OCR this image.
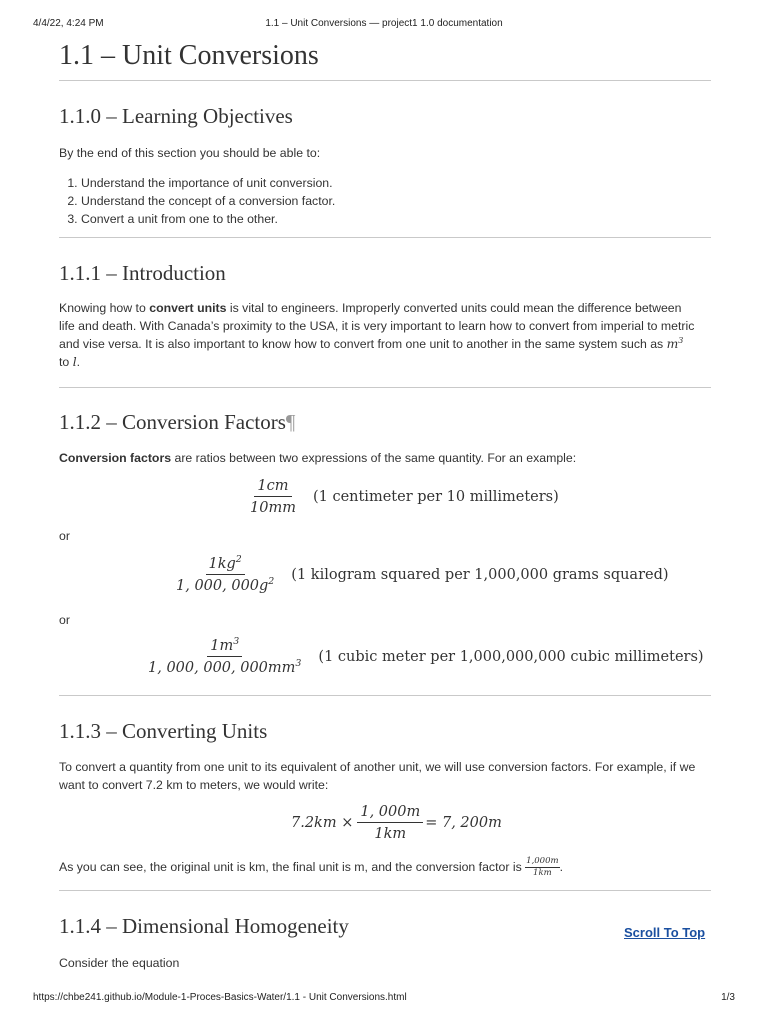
4/4/22, 4:24 PM	1.1 – Unit Conversions — project1 1.0 documentation
1.1 – Unit Conversions
1.1.0 – Learning Objectives

By the end of this section you should be able to:

1. Understand the importance of unit conversion.
2. Understand the concept of a conversion factor.
3. Convert a unit from one to the other.
1.1.1 – Introduction

Knowing how to convert units is vital to engineers. Improperly converted units could mean the difference between
life and death. With Canada’s proximity to the USA, it is very important to learn how to convert from imperial to metric
and vise versa. It is also important to know how to convert from one unit to another in the same system such as $m^3$
to l.

1.1.2 – Conversion Factors¶

Conversion factors are ratios between two expressions of the same quantity. For an example:

$\frac{1cm}{10mm} (1$ centimeter per 10 millimeters)

or

$\frac{1kg^2}{1, 000, 000g^2} (1$ kilogram squared per 1,000,000 grams squared)

or

$\frac{1m^3}{1, 000, 000, 000mm^3} (1$ cubic meter per 1,000,000,000 cubic millimeters)
1.1.3 – Converting Units

To convert a quantity from one unit to its equivalent of another unit, we will use conversion factors. For example, if we
want to convert 7.2 km to meters, we would write:

$7.2km \times \frac{1, 000m}{1km} = 7$, 200m

As you can see, the original unit is km, the final unit is m, and the conversion factor is $\frac{1,000m}{1km}$ .

1.1.4 – Dimensional Homogeneity

Consider the equation

Scroll To Top
https://chbe241.github.io/Module-1-Proces-Basics-Water/1.1 - Unit Conversions.html	1/3
